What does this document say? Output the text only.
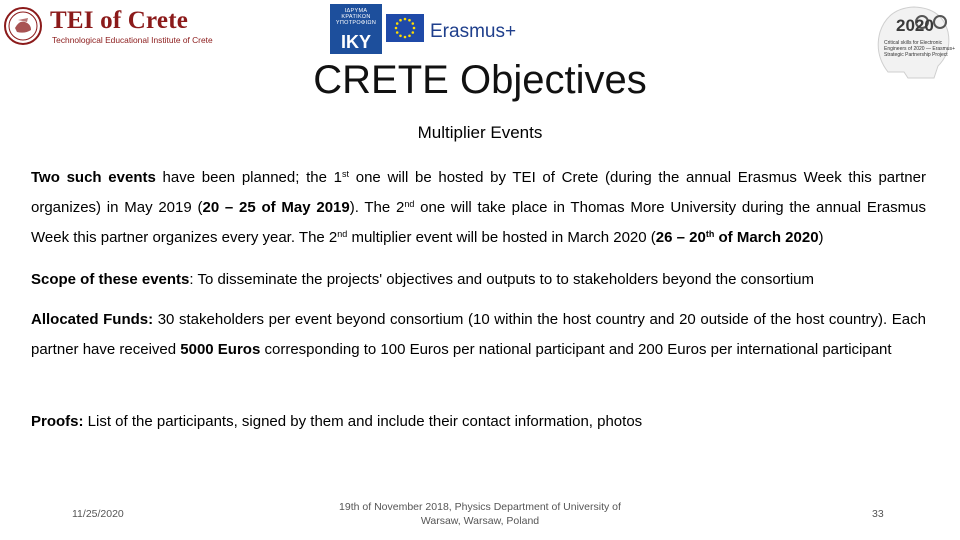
TEI of Crete
Technological Educational Institute of Crete
ΙΔΡΥΜΑ
ΚΡΑΤΙΚΩΝ
ΥΠΟΤΡΟΦΙΩΝ
IKY	Erasmus+	2020
Critical skills for Electronic Engineers of 2020 — Erasmus+ Strategic Partnership Project
CRETE Objectives
Multiplier Events
Two such events have been planned; the 1st one will be hosted by TEI of Crete (during the annual Erasmus Week this partner organizes) in May 2019 (20 – 25 of May 2019). The 2nd one will take place in Thomas More University during the annual Erasmus Week this partner organizes every year. The 2nd multiplier event will be hosted in March 2020 (26 – 20th of March 2020)
Scope of these events: To disseminate the projects' objectives and outputs to to stakeholders beyond the consortium
Allocated Funds: 30 stakeholders per event beyond consortium (10 within the host country and 20 outside of the host country). Each partner have received 5000 Euros corresponding to 100 Euros per national participant and 200 Euros per international participant
Proofs: List of the participants, signed by them and include their contact information, photos
11/25/2020
19th of November 2018, Physics Department of University of
Warsaw, Warsaw, Poland
33
